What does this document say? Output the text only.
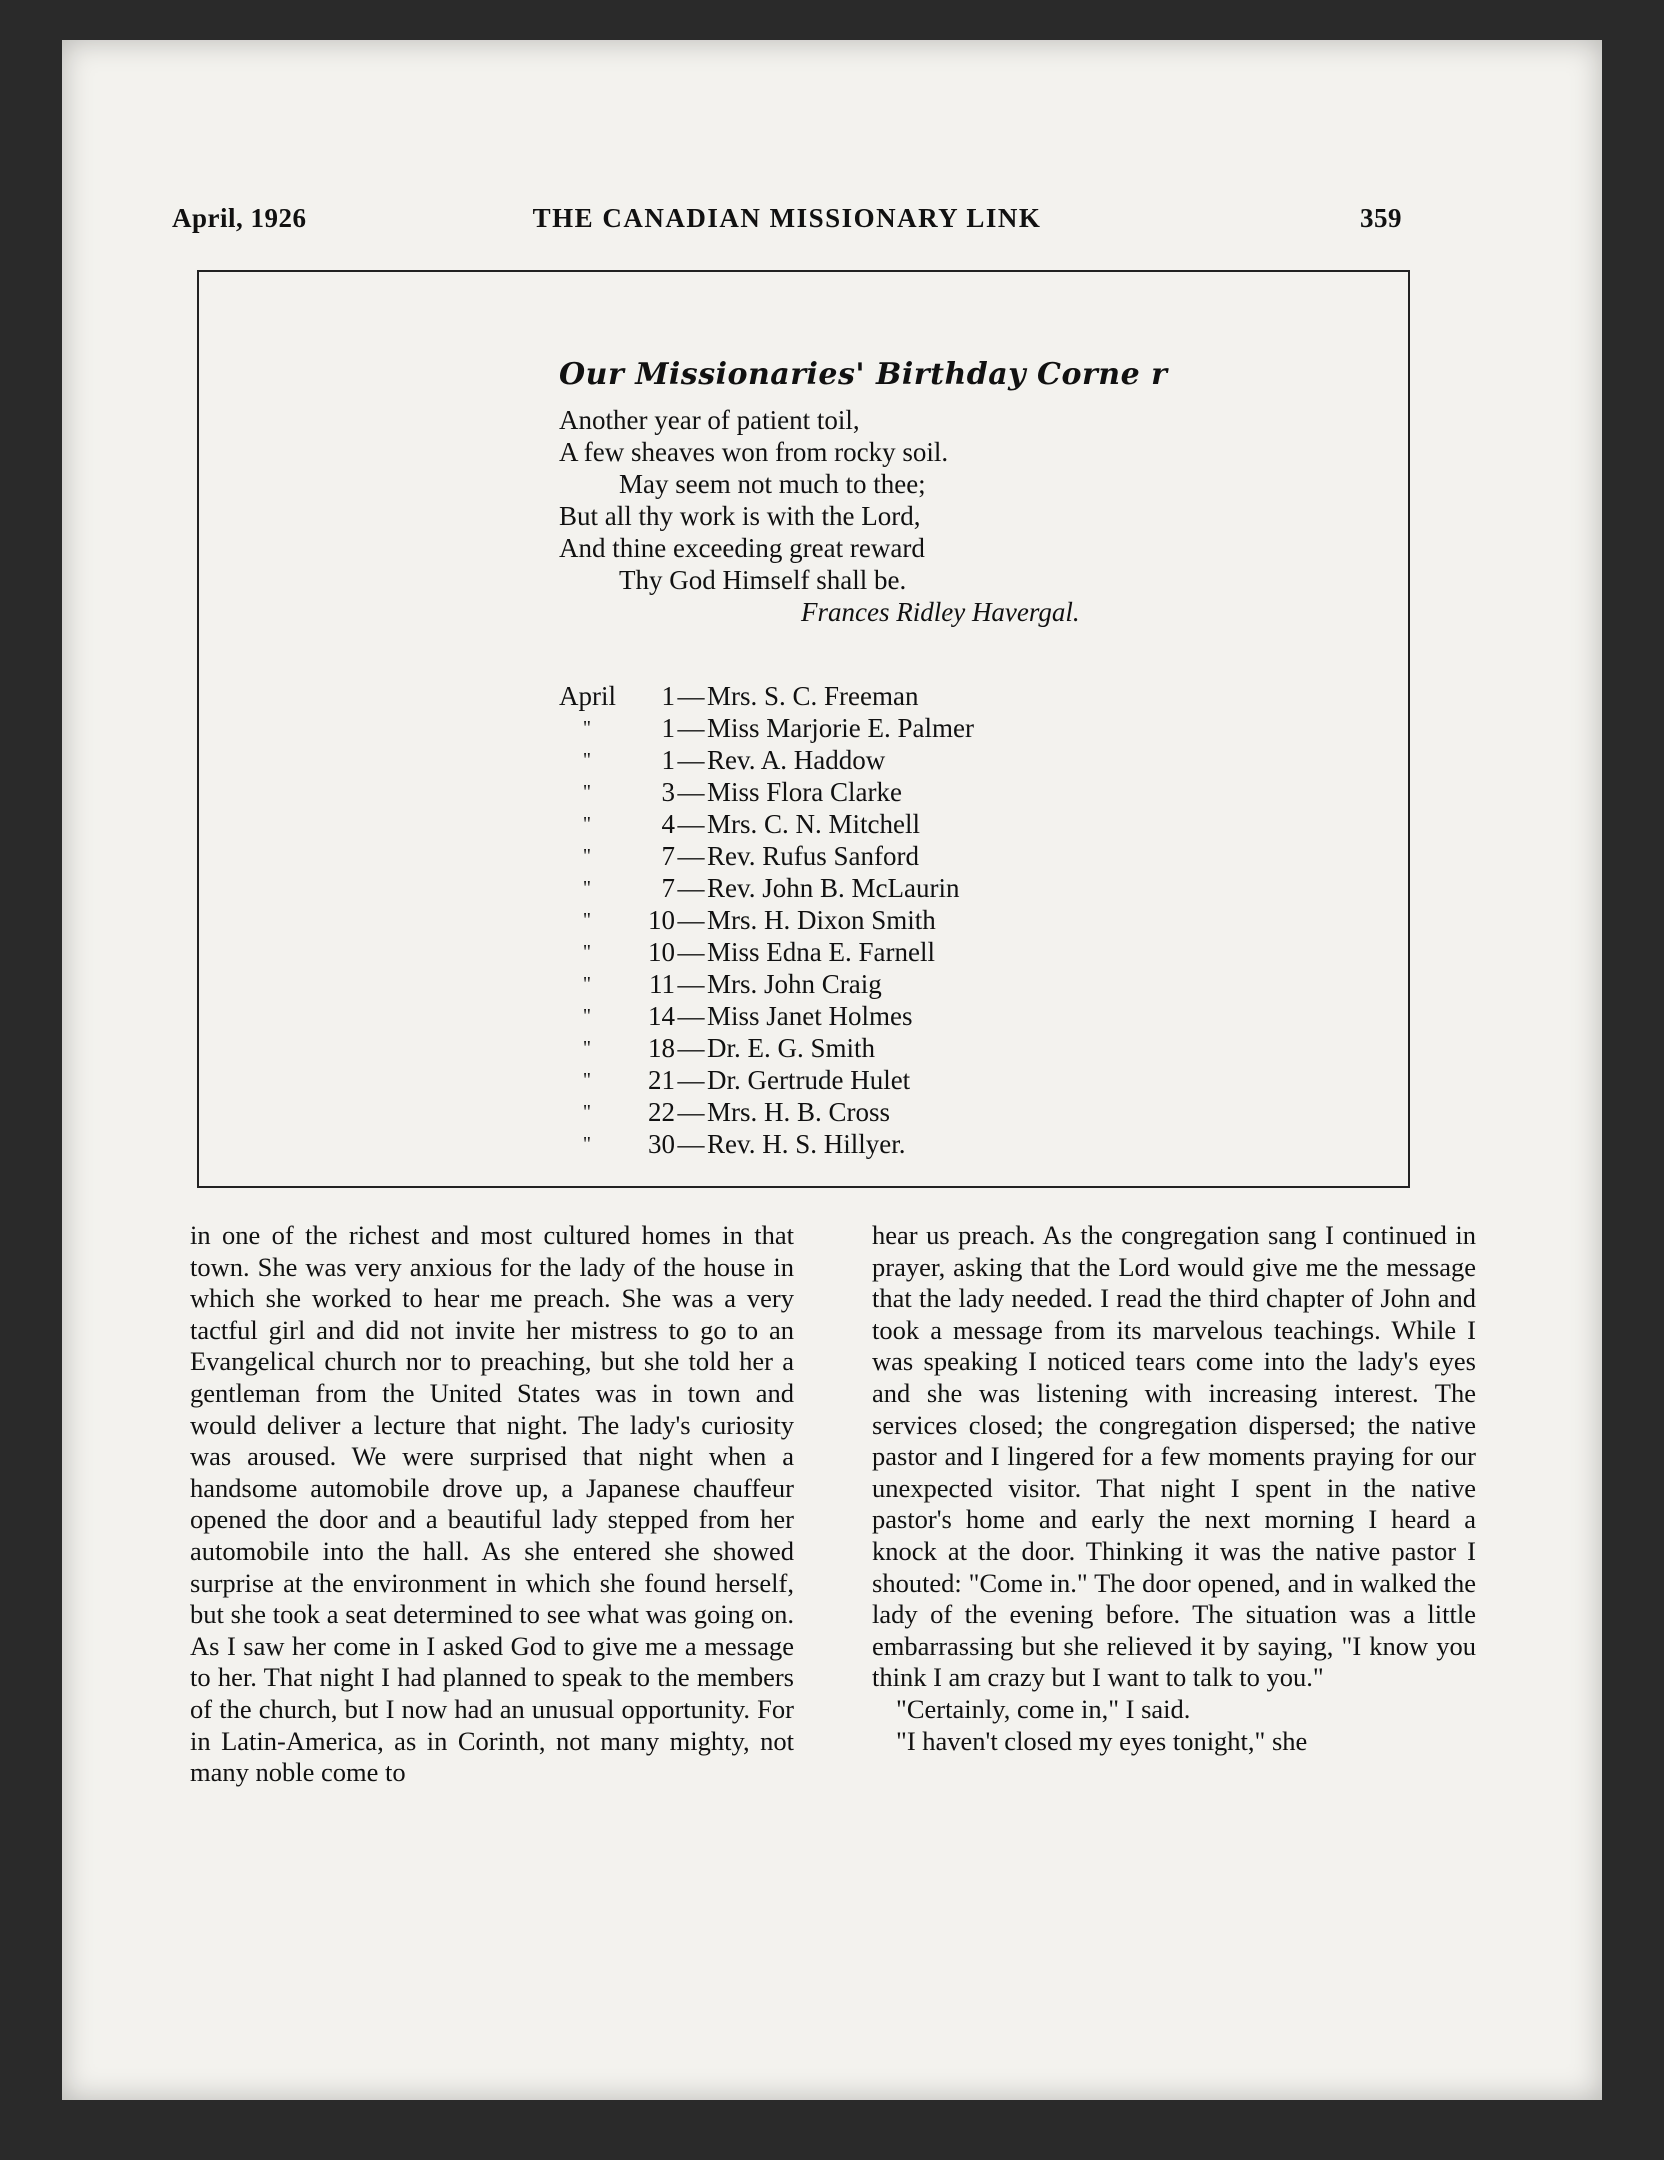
April, 1926	THE CANADIAN MISSIONARY LINK	359
Our Missionaries' Birthday Corne r
Another year of patient toil,
A few sheaves won from rocky soil.
May seem not much to thee;
But all thy work is with the Lord,
And thine exceeding great reward
Thy God Himself shall be.
Frances Ridley Havergal.
April	1 — Mrs. S. C. Freeman
"	1 — Miss Marjorie E. Palmer
"	1 — Rev. A. Haddow
"	3 — Miss Flora Clarke
"	4 — Mrs. C. N. Mitchell
"	7 — Rev. Rufus Sanford
"	7 — Rev. John B. McLaurin
"	10 — Mrs. H. Dixon Smith
"	10 — Miss Edna E. Farnell
"	11 — Mrs. John Craig
"	14 — Miss Janet Holmes
"	18 — Dr. E. G. Smith
"	21 — Dr. Gertrude Hulet
"	22 — Mrs. H. B. Cross
"	30 — Rev. H. S. Hillyer.

in one of the richest and most cultured homes in that town. She was very anxious for the lady of the house in which she worked to hear me preach. She was a very tactful girl and did not invite her mistress to go to an Evangelical church nor to preaching, but she told her a gentleman from the United States was in town and would deliver a lecture that night. The lady's curiosity was aroused. We were surprised that night when a handsome automobile drove up, a Japanese chauffeur opened the door and a beautiful lady stepped from her automobile into the hall. As she entered she showed surprise at the environment in which she found herself, but she took a seat determined to see what was going on. As I saw her come in I asked God to give me a message to her. That night I had planned to speak to the members of the church, but I now had an unusual opportunity. For in Latin-America, as in Corinth, not many mighty, not many noble come to

hear us preach. As the congregation sang I continued in prayer, asking that the Lord would give me the message that the lady needed. I read the third chapter of John and took a message from its marvelous teachings. While I was speaking I noticed tears come into the lady's eyes and she was listening with increasing interest. The services closed; the congregation dispersed; the native pastor and I lingered for a few moments praying for our unexpected visitor. That night I spent in the native pastor's home and early the next morning I heard a knock at the door. Thinking it was the native pastor I shouted: "Come in." The door opened, and in walked the lady of the evening before. The situation was a little embarrassing but she relieved it by saying, "I know you think I am crazy but I want to talk to you."

"Certainly, come in," I said.

"I haven't closed my eyes tonight," she
